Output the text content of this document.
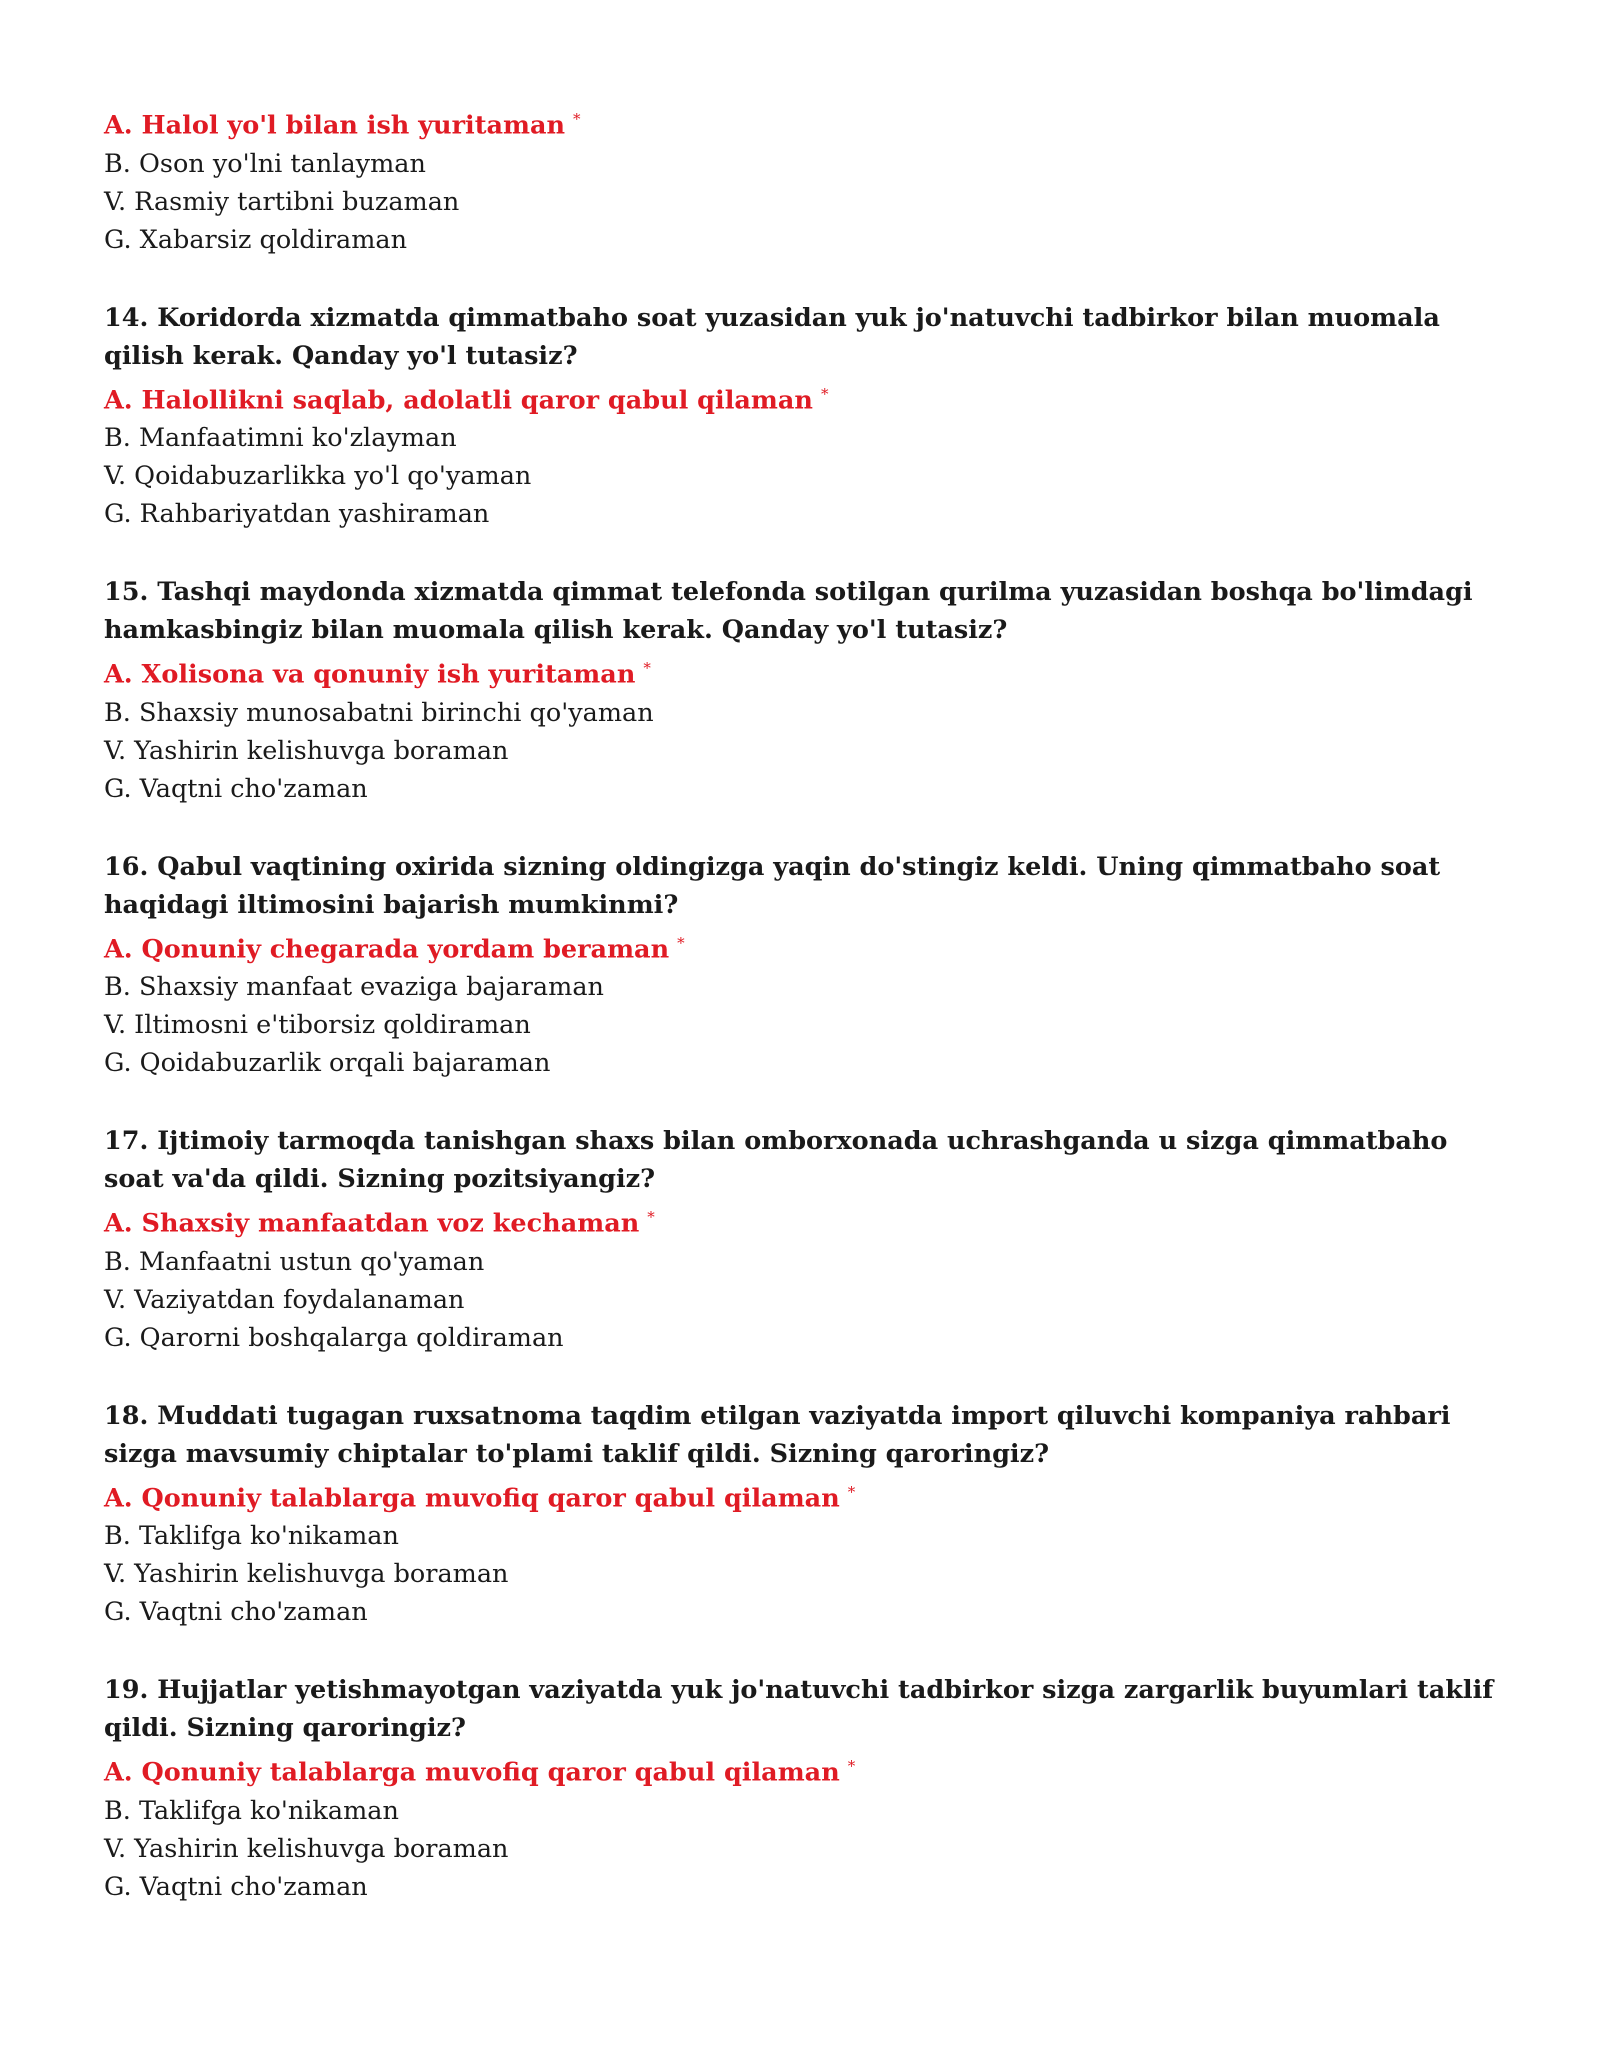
A. Halol yo'l bilan ish yuritaman *
B. Oson yo'lni tanlayman
V. Rasmiy tartibni buzaman
G. Xabarsiz qoldiraman
14. Koridorda xizmatda qimmatbaho soat yuzasidan yuk jo'natuvchi tadbirkor bilan muomala qilish kerak. Qanday yo'l tutasiz?
A. Halollikni saqlab, adolatli qaror qabul qilaman *
B. Manfaatimni ko'zlayman
V. Qoidabuzarlikka yo'l qo'yaman
G. Rahbariyatdan yashiraman
15. Tashqi maydonda xizmatda qimmat telefonda sotilgan qurilma yuzasidan boshqa bo'limdagi hamkasbingiz bilan muomala qilish kerak. Qanday yo'l tutasiz?
A. Xolisona va qonuniy ish yuritaman *
B. Shaxsiy munosabatni birinchi qo'yaman
V. Yashirin kelishuvga boraman
G. Vaqtni cho'zaman
16. Qabul vaqtining oxirida sizning oldingizga yaqin do'stingiz keldi. Uning qimmatbaho soat haqidagi iltimosini bajarish mumkinmi?
A. Qonuniy chegarada yordam beraman *
B. Shaxsiy manfaat evaziga bajaraman
V. Iltimosni e'tiborsiz qoldiraman
G. Qoidabuzarlik orqali bajaraman
17. Ijtimoiy tarmoqda tanishgan shaxs bilan omborxonada uchrashganda u sizga qimmatbaho soat va'da qildi. Sizning pozitsiyangiz?
A. Shaxsiy manfaatdan voz kechaman *
B. Manfaatni ustun qo'yaman
V. Vaziyatdan foydalanaman
G. Qarorni boshqalarga qoldiraman
18. Muddati tugagan ruxsatnoma taqdim etilgan vaziyatda import qiluvchi kompaniya rahbari sizga mavsumiy chiptalar to'plami taklif qildi. Sizning qaroringiz?
A. Qonuniy talablarga muvofiq qaror qabul qilaman *
B. Taklifga ko'nikaman
V. Yashirin kelishuvga boraman
G. Vaqtni cho'zaman
19. Hujjatlar yetishmayotgan vaziyatda yuk jo'natuvchi tadbirkor sizga zargarlik buyumlari taklif qildi. Sizning qaroringiz?
A. Qonuniy talablarga muvofiq qaror qabul qilaman *
B. Taklifga ko'nikaman
V. Yashirin kelishuvga boraman
G. Vaqtni cho'zaman
